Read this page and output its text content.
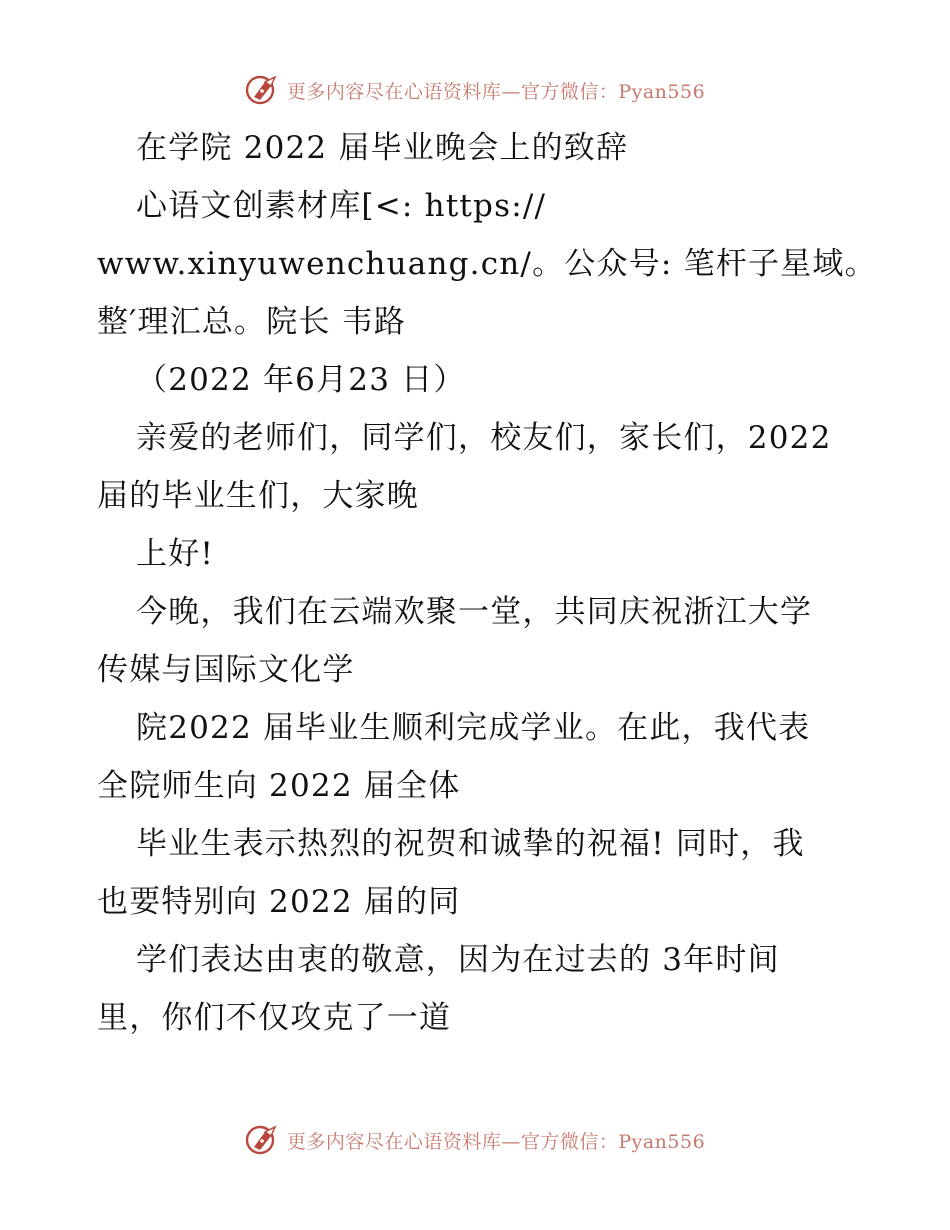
更多内容尽在心语资料库—官方微信：Pyan556
在学院 2022 届毕业晚会上的致辞
心语文创素材库[<: https://
www.xinyuwenchuang.cn/。公众号: 笔杆子星域。
整′理汇总。院长 韦路
（2022 年6月23 日）
亲爱的老师们，同学们，校友们，家长们，2022
届的毕业生们，大家晚
上好!
今晚，我们在云端欢聚一堂，共同庆祝浙江大学
传媒与国际文化学
院2022 届毕业生顺利完成学业。在此，我代表
全院师生向 2022 届全体
毕业生表示热烈的祝贺和诚挚的祝福! 同时，我
也要特别向 2022 届的同
学们表达由衷的敬意，因为在过去的 3年时间
里，你们不仅攻克了一道
更多内容尽在心语资料库—官方微信：Pyan556
